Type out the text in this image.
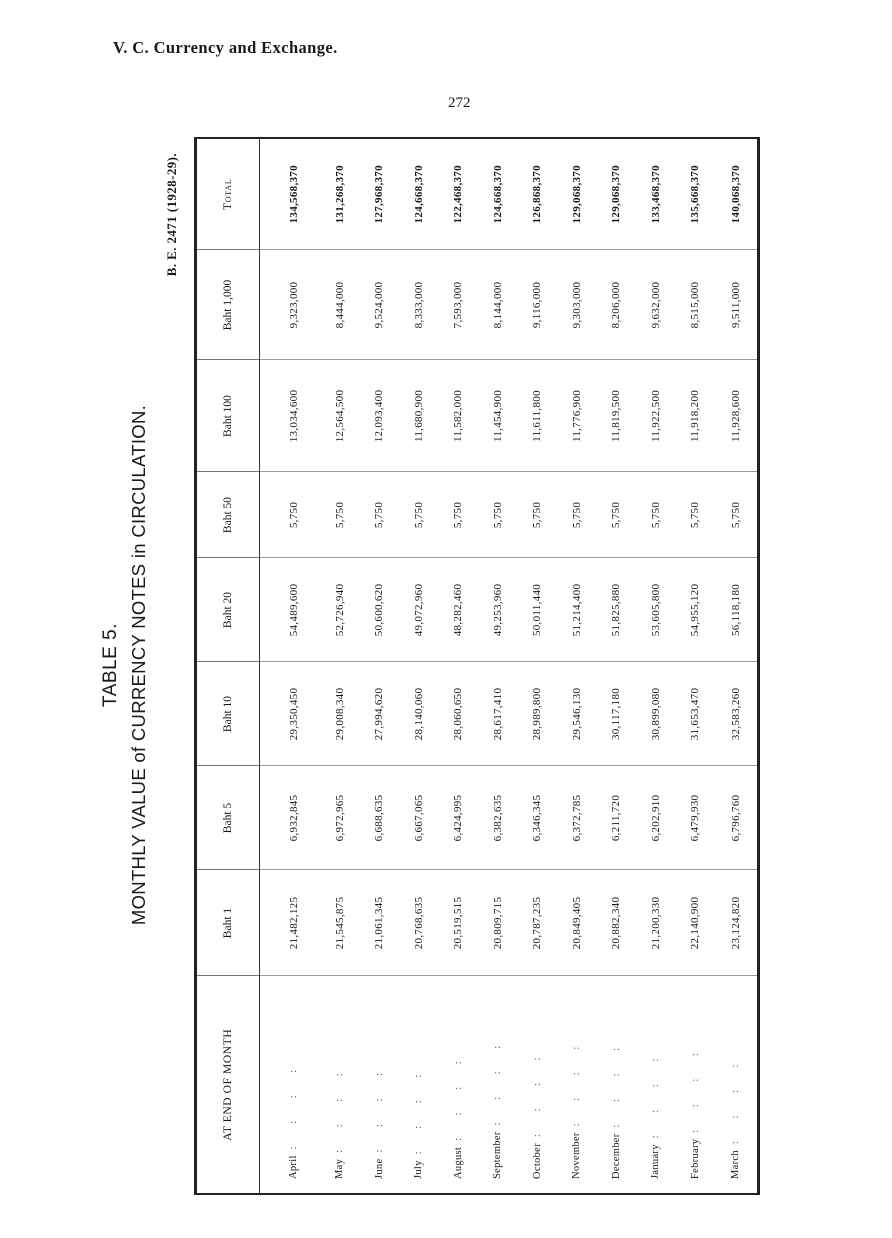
V. C. Currency and Exchange.
272
TABLE 5. MONTHLY VALUE of CURRENCY NOTES in CIRCULATION.
B. E. 2471 (1928-29).
AT END OF MONTH	Baht 1	Baht 5	Baht 10	Baht 20	Baht 50	Baht 100	Baht 1,000	Total
April: : : :	21,482,125	6,932,845	29,350,450	54,489,600	5,750	13,034,600	9,323,000	134,568,370
May: : : :	21,545,875	6,972,965	29,008,340	52,726,940	5,750	12,564,500	8,444,000	131,268,370
June: : : :	21,061,345	6,688,635	27,994,620	50,600,620	5,750	12,093,400	9,524,000	127,968,370
July: : : :	20,768,635	6,667,065	28,140,060	49,072,960	5,750	11,680,900	8,333,000	124,668,370
August: : : :	20,519,515	6,424,995	28,060,650	48,282,460	5,750	11,582,000	7,593,000	122,468,370
September: : : :	20,809,715	6,382,635	28,617,410	49,253,960	5,750	11,454,900	8,144,000	124,668,370
October: : : :	20,787,235	6,346,345	28,989,800	50,011,440	5,750	11,611,800	9,116,000	126,868,370
November: : : :	20,849,405	6,372,785	29,546,130	51,214,400	5,750	11,776,900	9,303,000	129,068,370
December: : : :	20,882,340	6,211,720	30,117,180	51,825,880	5,750	11,819,500	8,206,000	129,068,370
January: : : :	21,200,330	6,202,910	30,899,080	53,605,800	5,750	11,922,500	9,632,000	133,468,370
February: : : :	22,140,900	6,479,930	31,653,470	54,955,120	5,750	11,918,200	8,515,000	135,668,370
March: : : :	23,124,820	6,796,760	32,583,260	56,118,180	5,750	11,928,600	9,511,000	140,068,370
